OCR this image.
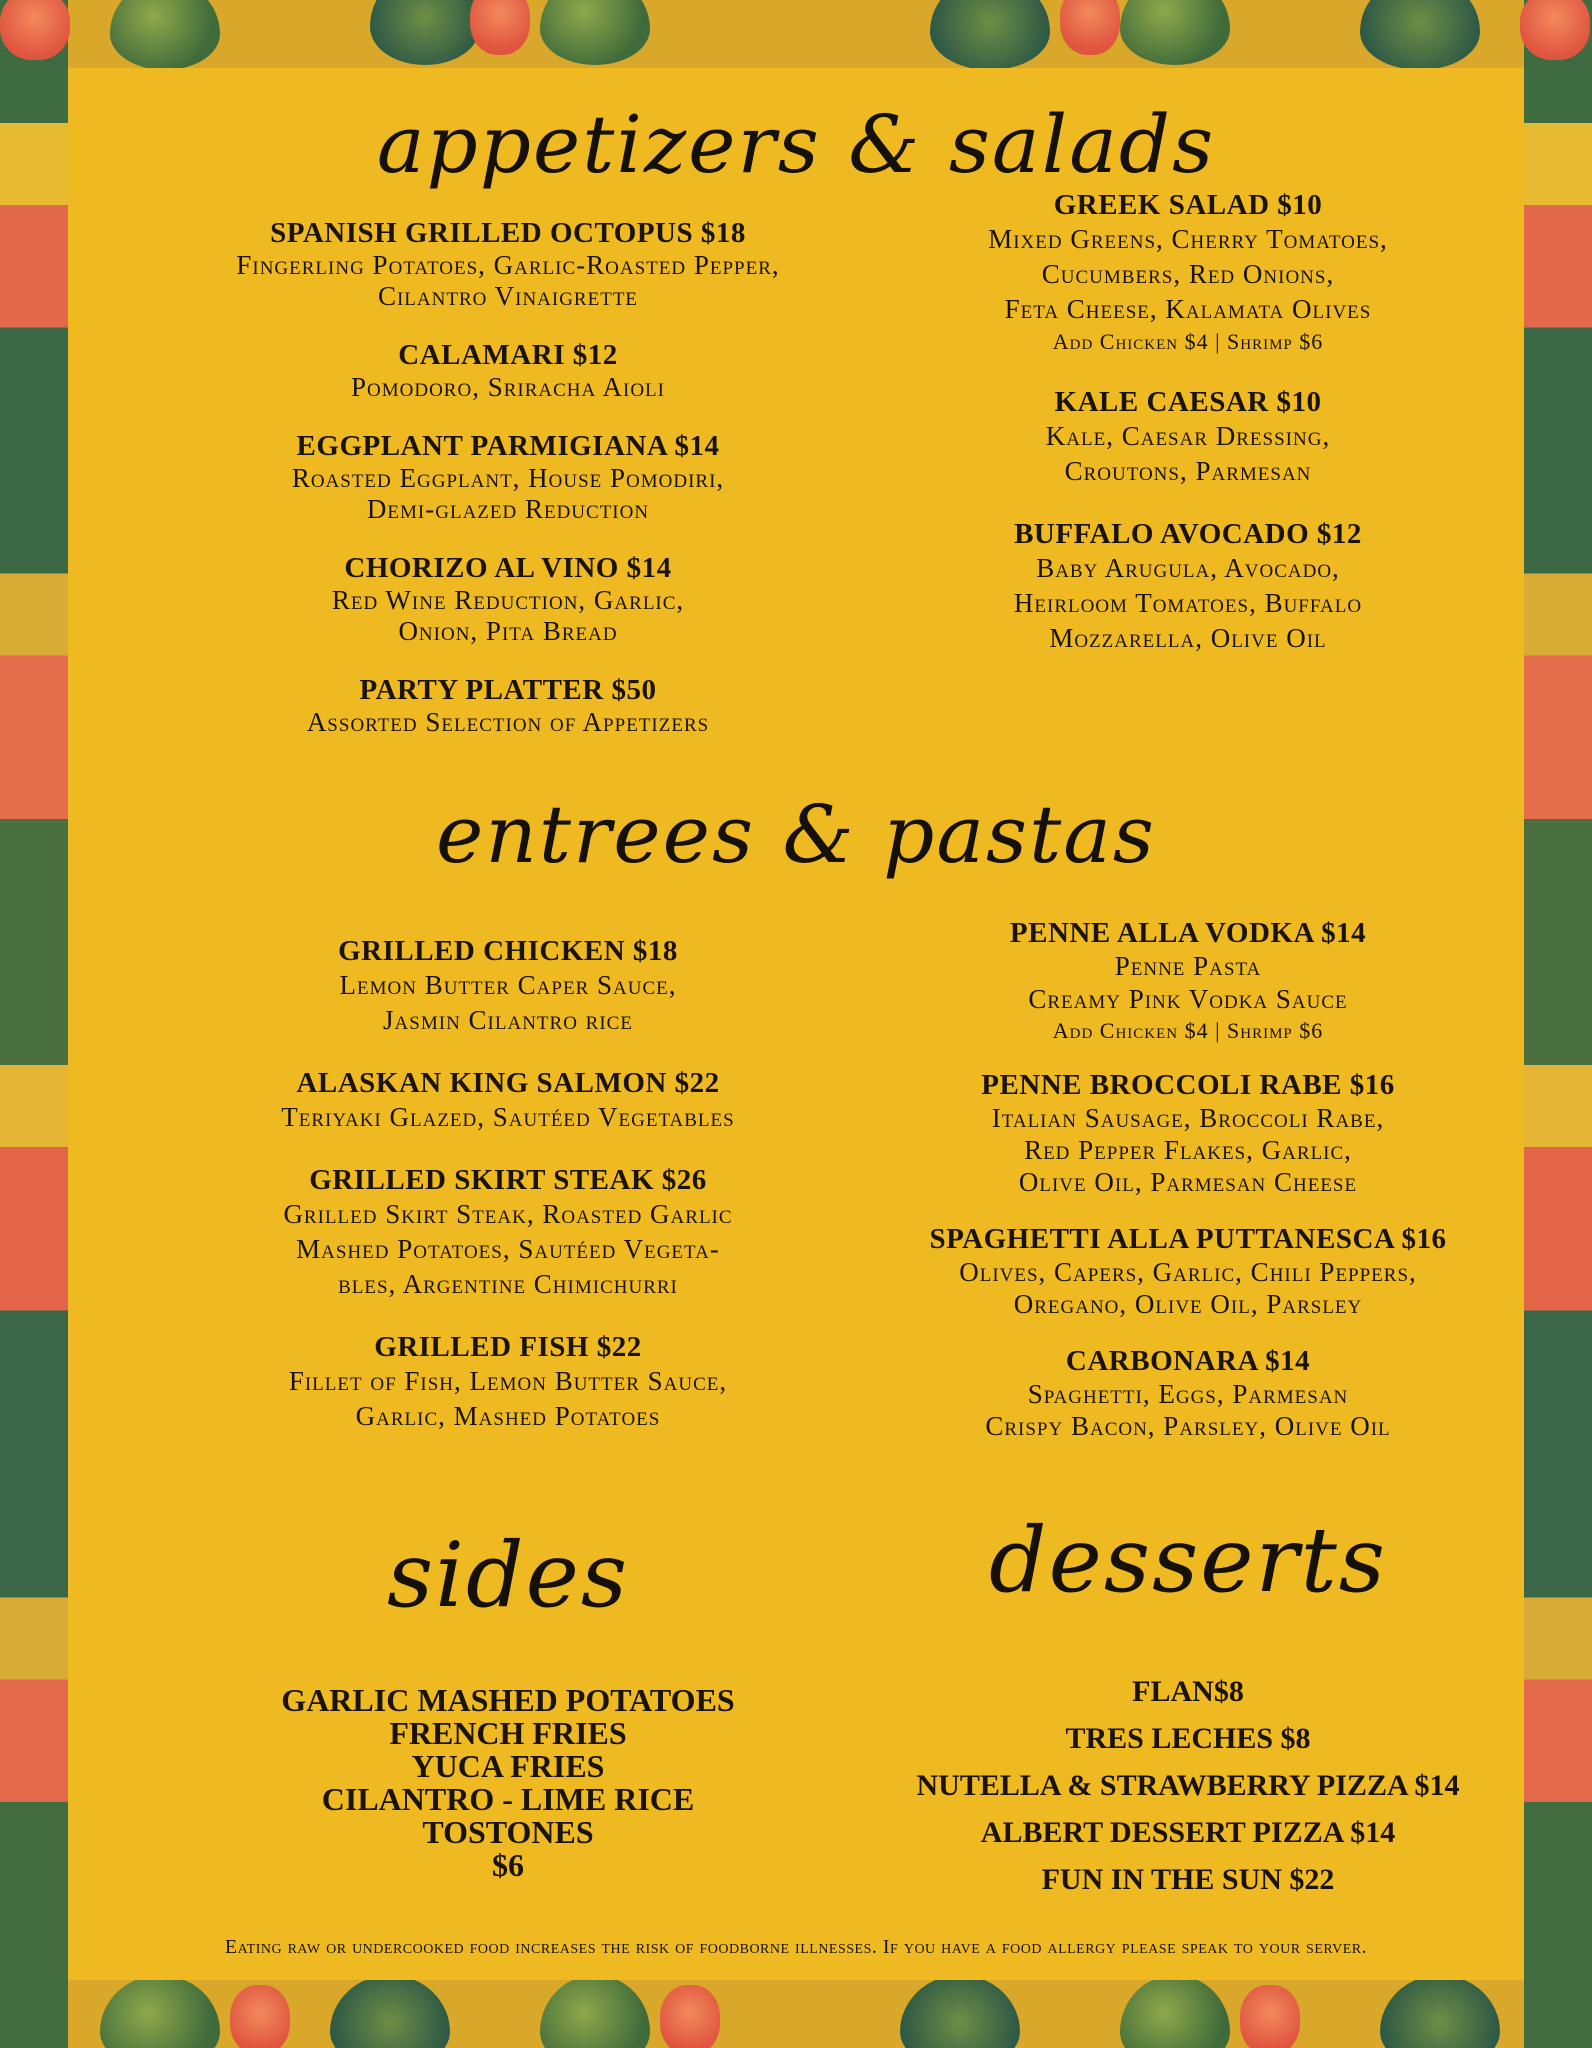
appetizers & salads
SPANISH GRILLED OCTOPUS $18
Fingerling Potatoes, Garlic-Roasted Pepper,
Cilantro Vinaigrette
CALAMARI $12
Pomodoro, Sriracha Aioli
EGGPLANT PARMIGIANA $14
Roasted Eggplant, House Pomodiri,
Demi-glazed Reduction
CHORIZO AL VINO $14
Red Wine Reduction, Garlic,
Onion, Pita Bread
PARTY PLATTER $50
Assorted Selection of Appetizers
GREEK SALAD $10
Mixed Greens, Cherry Tomatoes,
Cucumbers, Red Onions,
Feta Cheese, Kalamata Olives
Add Chicken $4 | Shrimp $6
KALE CAESAR $10
Kale, Caesar Dressing,
Croutons, Parmesan
BUFFALO AVOCADO $12
Baby Arugula, Avocado,
Heirloom Tomatoes, Buffalo
Mozzarella, Olive Oil
entrees & pastas
GRILLED CHICKEN $18
Lemon Butter Caper Sauce,
Jasmin Cilantro rice
ALASKAN KING SALMON $22
Teriyaki Glazed, Sautéed Vegetables
GRILLED SKIRT STEAK $26
Grilled Skirt Steak, Roasted Garlic
Mashed Potatoes, Sautéed Vegeta-
bles, Argentine Chimichurri
GRILLED FISH $22
Fillet of Fish, Lemon Butter Sauce,
Garlic, Mashed Potatoes
PENNE ALLA VODKA $14
Penne Pasta
Creamy Pink Vodka Sauce
Add Chicken $4 | Shrimp $6
PENNE BROCCOLI RABE $16
Italian Sausage, Broccoli Rabe,
Red Pepper Flakes, Garlic,
Olive Oil, Parmesan Cheese
SPAGHETTI ALLA PUTTANESCA $16
Olives, Capers, Garlic, Chili Peppers,
Oregano, Olive Oil, Parsley
CARBONARA $14
Spaghetti, Eggs, Parmesan
Crispy Bacon, Parsley, Olive Oil
sides
GARLIC MASHED POTATOES
FRENCH FRIES
YUCA FRIES
CILANTRO - LIME RICE
TOSTONES
$6
desserts
FLAN$8
TRES LECHES $8
NUTELLA & STRAWBERRY PIZZA $14
ALBERT DESSERT PIZZA $14
FUN IN THE SUN $22
Eating raw or undercooked food increases the risk of foodborne illnesses. If you have a food allergy please speak to your server.
